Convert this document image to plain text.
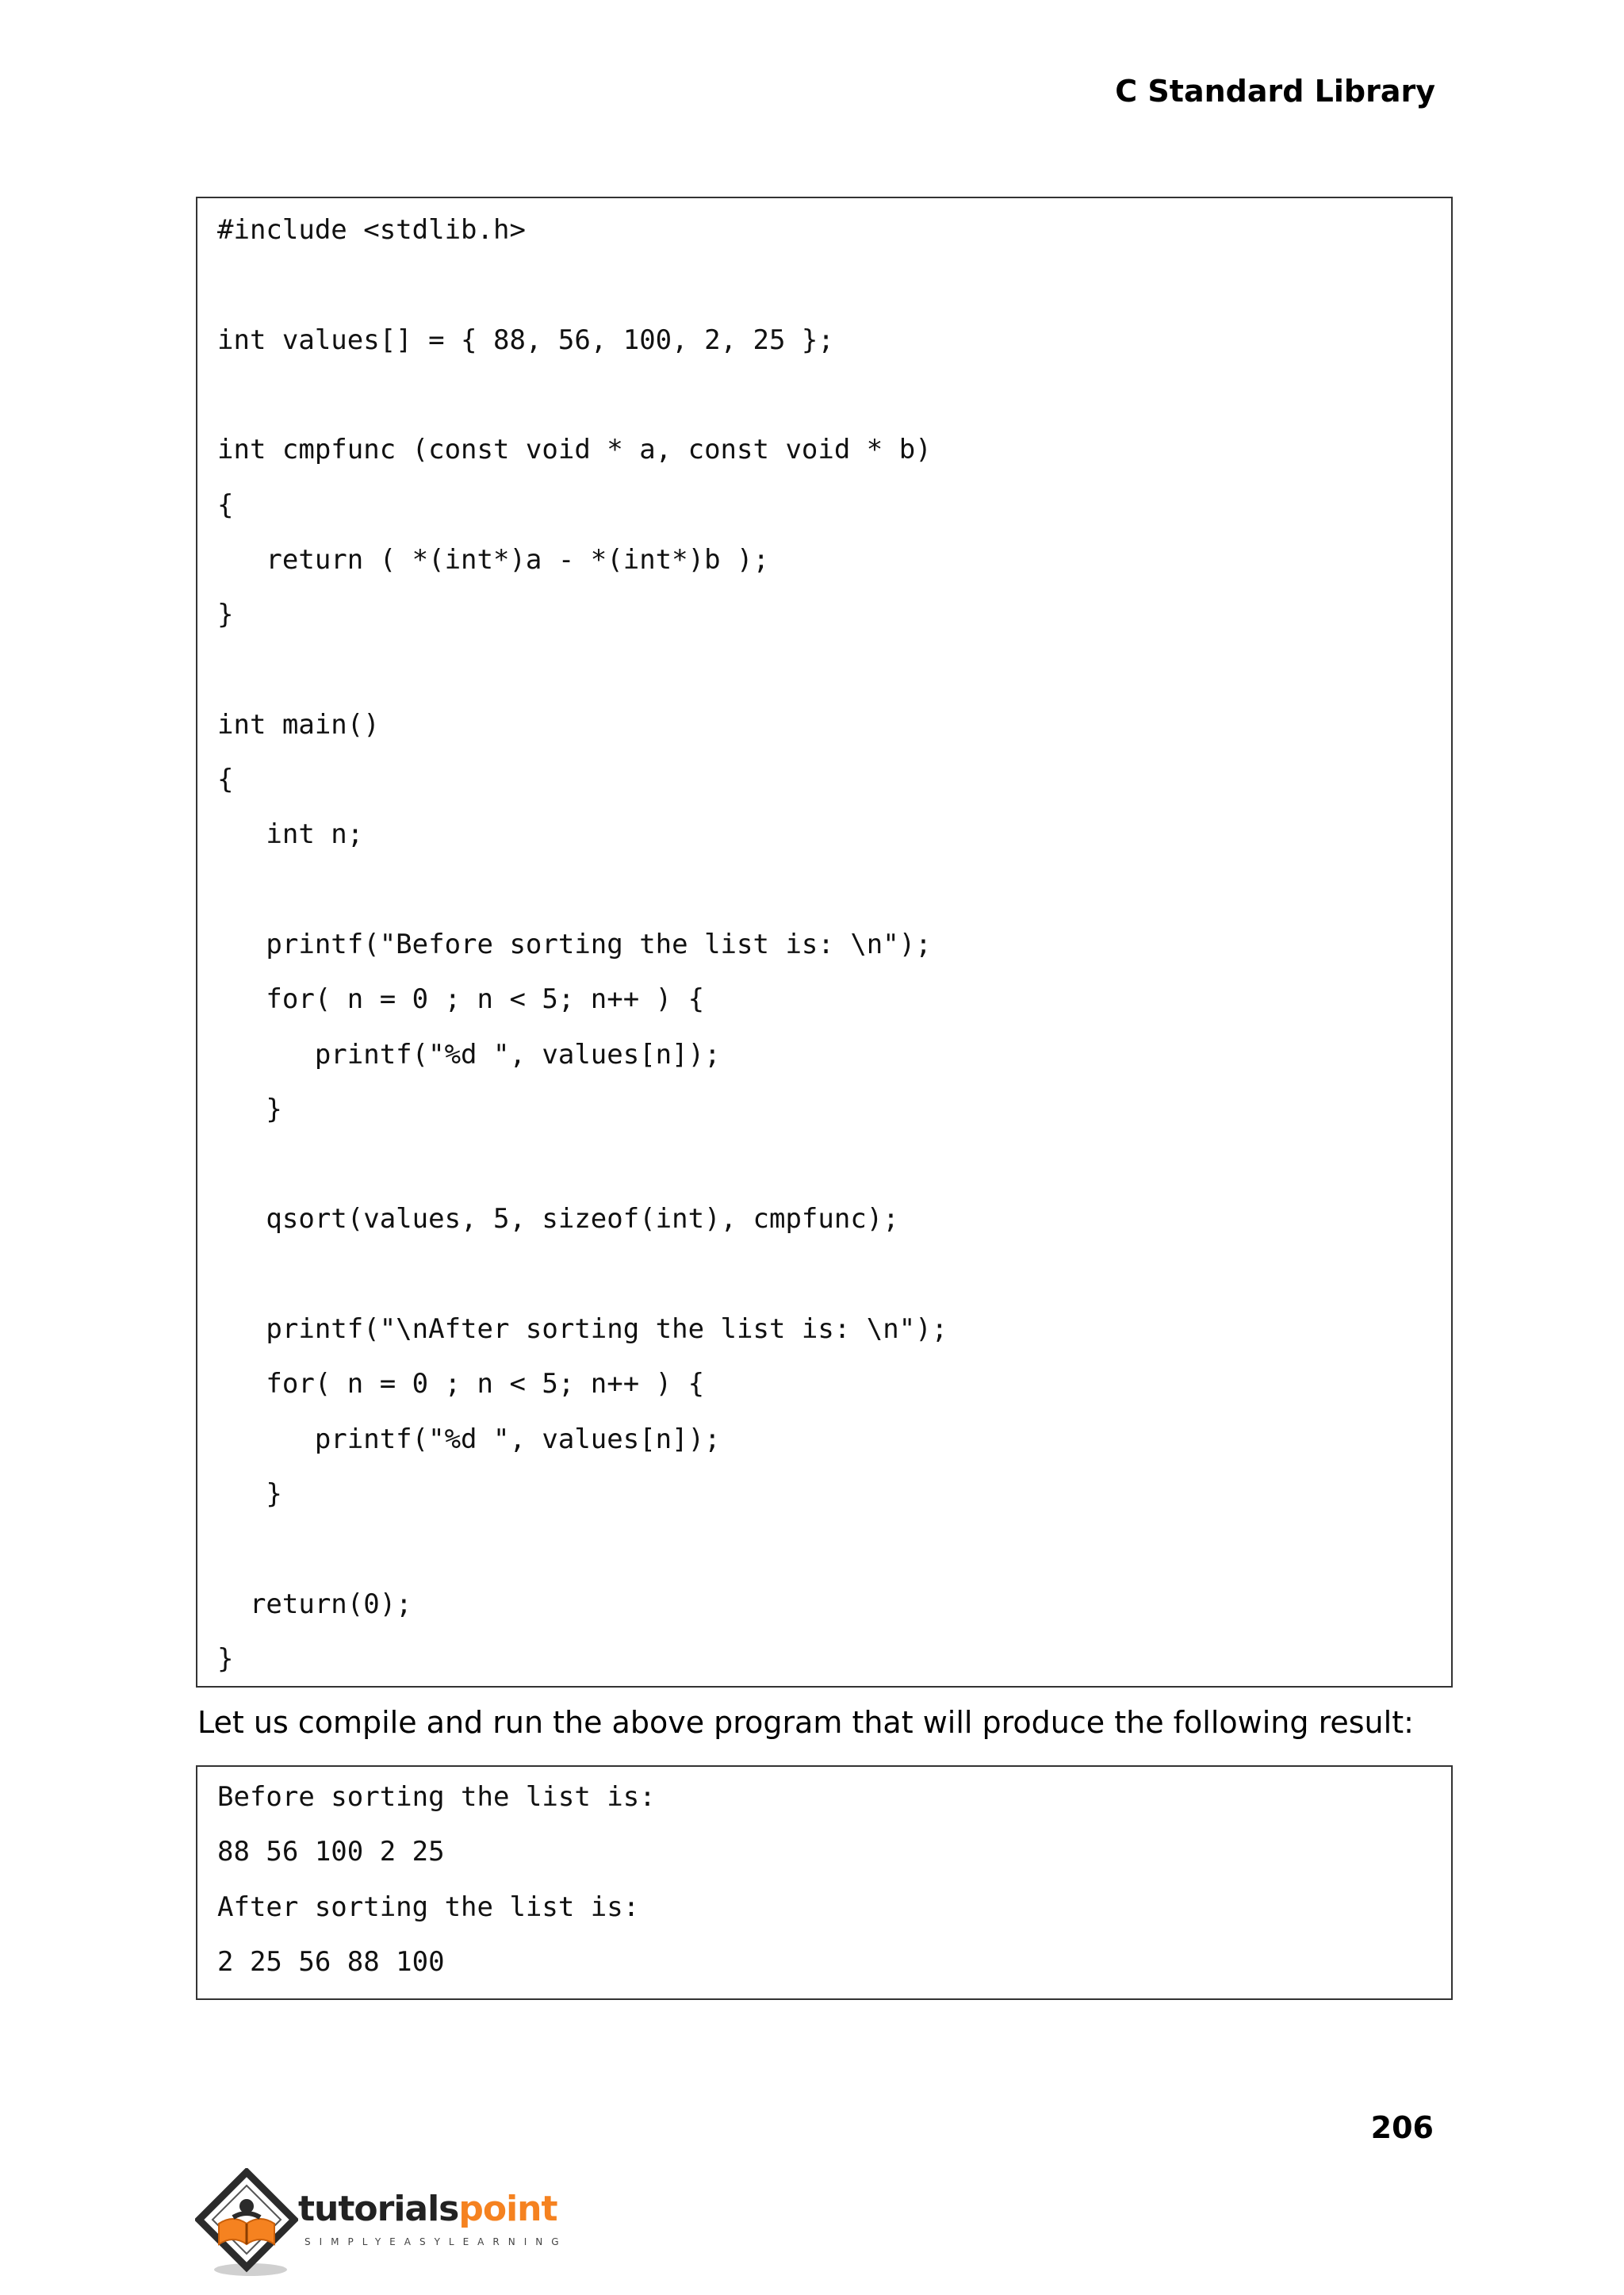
C Standard Library
#include <stdlib.h>
int values[] = { 88, 56, 100, 2, 25 };
int cmpfunc (const void * a, const void * b)
{
return ( *(int*)a - *(int*)b );
}
int main()
{
int n;
printf("Before sorting the list is: \n");
for( n = 0 ; n < 5; n++ ) {
printf("%d ", values[n]);
}
qsort(values, 5, sizeof(int), cmpfunc);
printf("\nAfter sorting the list is: \n");
for( n = 0 ; n < 5; n++ ) {
printf("%d ", values[n]);
}
return(0);
}
Let us compile and run the above program that will produce the following result:
Before sorting the list is:
88 56 100 2 25
After sorting the list is:
2 25 56 88 100
206
tutorialspoint
SIMPLYEASYLEARNING
